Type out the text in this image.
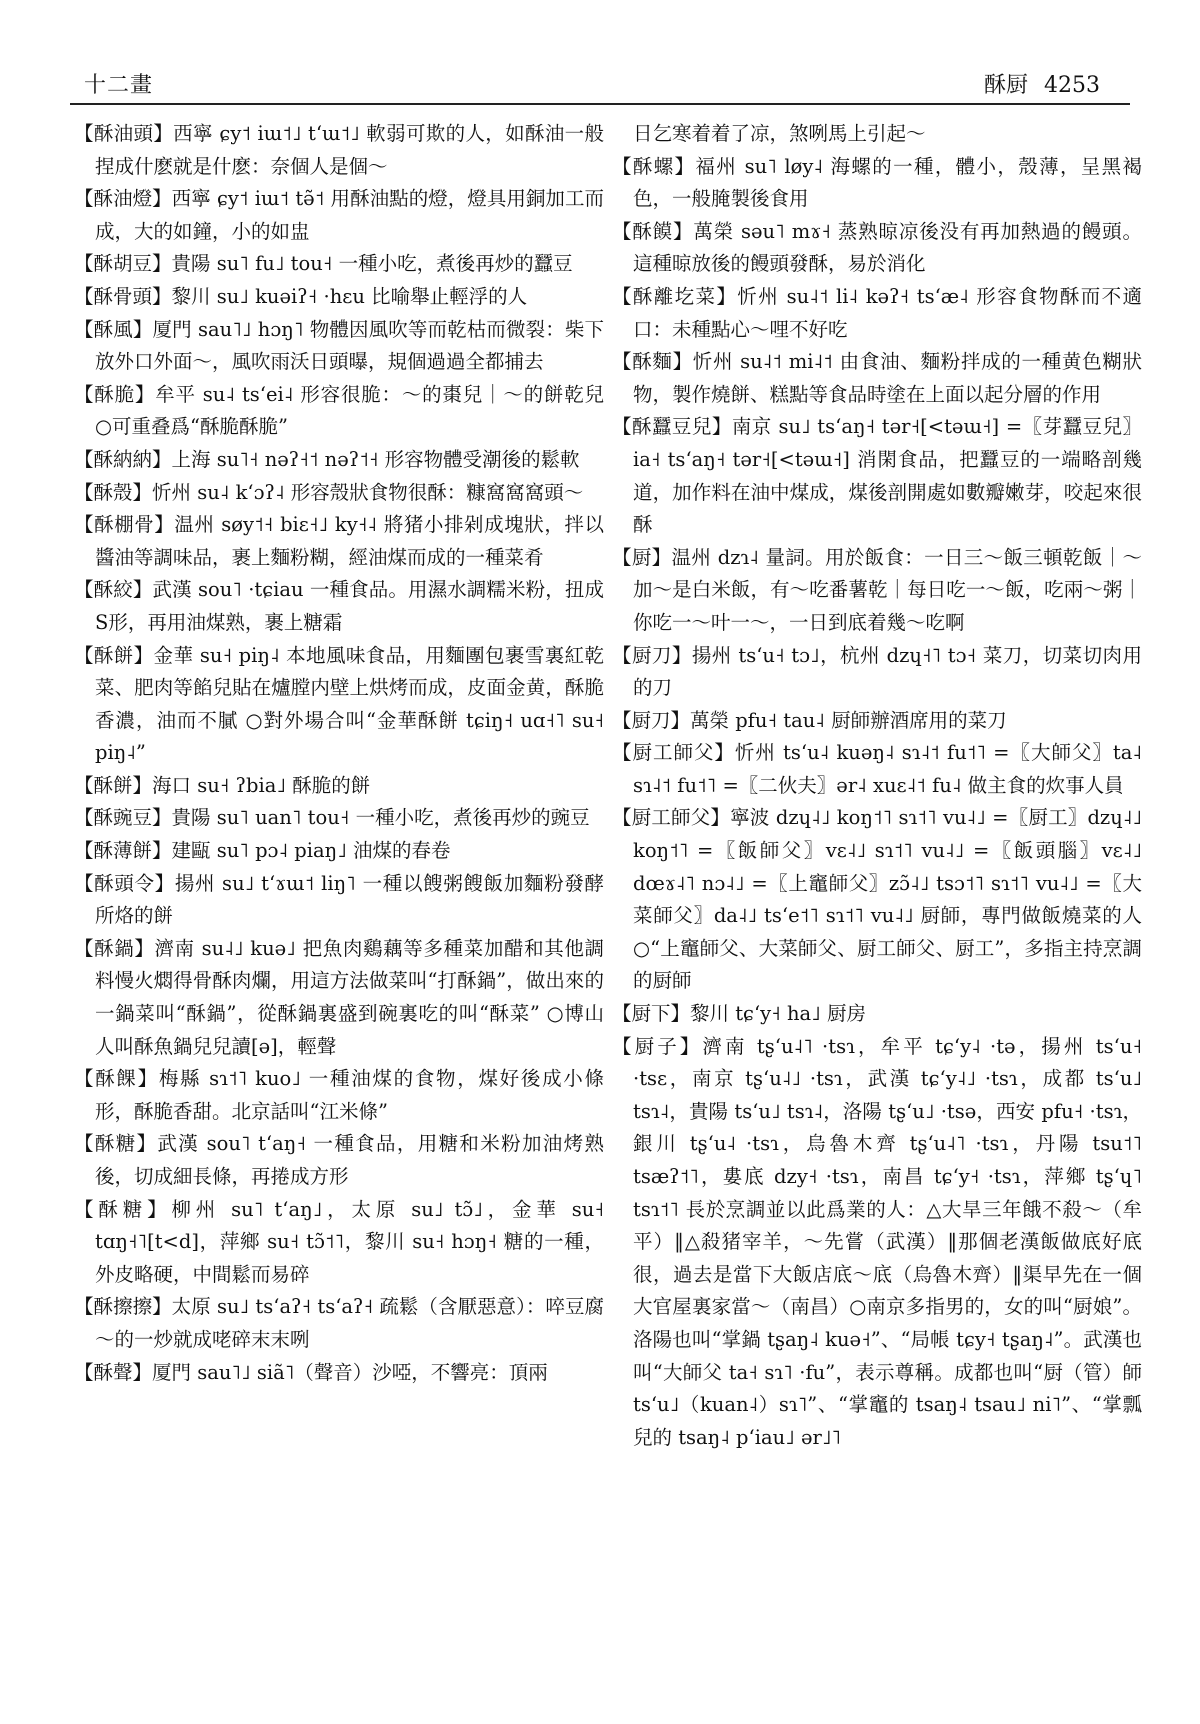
十二畫	酥厨 4253

【酥油頭】西寧 ɕy˦ iɯ˦˩ tʻɯ˦˩ 軟弱可欺的人，如酥油一般捏成什麽就是什麽：奈個人是個～

【酥油燈】西寧 ɕy˦ iɯ˦ tə̃˦ 用酥油點的燈，燈具用銅加工而成，大的如鐘，小的如盅

【酥胡豆】貴陽 su˥ fu˩ tou˧ 一種小吃，煮後再炒的蠶豆

【酥骨頭】黎川 su˩ kuəiʔ˧ ·hɛu 比喻舉止輕浮的人

【酥風】厦門 sau˥˩ hɔŋ˥ 物體因風吹等而乾枯而微裂：柴下放外口外面～，風吹雨沃日頭曝，規個過過全都捕去

【酥脆】牟平 su˨ tsʻei˨ 形容很脆：～的棗兒｜～的餅乾兒 ○可重叠爲“酥脆酥脆”

【酥納納】上海 su˥˧ nəʔ˧˦ nəʔ˦˧ 形容物體受潮後的鬆軟

【酥殼】忻州 su˨ kʻɔʔ˨ 形容殼狀食物很酥：糠窩窩窩頭～

【酥棚骨】温州 søy˦˧ biɛ˧˩ ky˧˨ 將猪小排剁成塊狀，拌以醬油等調味品，裹上麵粉糊，經油煤而成的一種菜肴

【酥絞】武漢 sou˥ ·tɕiau 一種食品。用濕水調糯米粉，扭成S形，再用油煤熟，裹上糖霜

【酥餅】金華 su˧ piŋ˨ 本地風味食品，用麵團包裹雪裏紅乾菜、肥肉等餡兒貼在爐膛内壁上烘烤而成，皮面金黄，酥脆香濃，油而不膩 ○對外場合叫“金華酥餅 tɕiŋ˧ uɑ˧˥ su˧ piŋ˨”

【酥餅】海口 su˧ ʔbia˩ 酥脆的餅

【酥豌豆】貴陽 su˥ uan˥ tou˧ 一種小吃，煮後再炒的豌豆

【酥薄餅】建甌 su˥ pɔ˨ piaŋ˩ 油煤的春卷

【酥頭令】揚州 su˩ tʻɤɯ˦ liŋ˥ 一種以餿粥餿飯加麵粉發酵所烙的餅

【酥鍋】濟南 su˨˩ kuə˩ 把魚肉鷄藕等多種菜加醋和其他調料慢火燜得骨酥肉爛，用這方法做菜叫“打酥鍋”，做出來的一鍋菜叫“酥鍋”，從酥鍋裏盛到碗裏吃的叫“酥菜” ○博山人叫酥魚鍋兒兒讀[ə]，輕聲

【酥餜】梅縣 sɿ˦˥ kuo˩ 一種油煤的食物，煤好後成小條形，酥脆香甜。北京話叫“江米條”

【酥糖】武漢 sou˥ tʻaŋ˧ 一種食品，用糖和米粉加油烤熟後，切成細長條，再捲成方形

【酥糖】柳州 su˥ tʻaŋ˩，太原 su˩ tɔ̃˩，金華 su˧ tɑŋ˧˥[t<d]，萍鄉 su˧ tɔ̃˦˥，黎川 su˧ hɔŋ˧ 糖的一種，外皮略硬，中間鬆而易碎

【酥擦擦】太原 su˩ tsʻaʔ˧ tsʻaʔ˧ 疏鬆（含厭惡意）：啐豆腐～的一炒就成咾碎末末咧

【酥聲】厦門 sau˥˩ siã˥（聲音）沙啞，不響亮：頂兩

日乞寒着着了凉，煞咧馬上引起～

【酥螺】福州 su˥ løy˨ 海螺的一種，體小，殼薄，呈黑褐色，一般腌製後食用

【酥饃】萬榮 səu˥ mɤ˧ 蒸熟晾凉後没有再加熱過的饅頭。這種晾放後的饅頭發酥，易於消化

【酥離圪菜】忻州 su˨˦ li˨ kəʔ˧ tsʻæ˨ 形容食物酥而不適口：未種點心～哩不好吃

【酥麵】忻州 su˨˦ mi˨˦ 由食油、麵粉拌成的一種黄色糊狀物，製作燒餅、糕點等食品時塗在上面以起分層的作用

【酥蠶豆兒】南京 su˩ tsʻaŋ˧ tər˧[<təɯ˧] =〖芽蠶豆兒〗ia˧ tsʻaŋ˧ tər˧[<təɯ˧] 消閑食品，把蠶豆的一端略剖幾道，加作料在油中煤成，煤後剖開處如數瓣嫩芽，咬起來很酥

【厨】温州 dzɿ˨ 量詞。用於飯食：一日三～飯三頓乾飯｜～加～是白米飯，有～吃番薯乾｜每日吃一～飯，吃兩～粥｜你吃一～叶一～，一日到底着幾～吃啊

【厨刀】揚州 tsʻu˧ tɔ˩，杭州 dzɥ˧˥ tɔ˧ 菜刀，切菜切肉用的刀

【厨刀】萬榮 pfu˧ tau˨ 厨師辦酒席用的菜刀

【厨工師父】忻州 tsʻu˨ kuəŋ˨ sɿ˨˦ fu˦˥ =〖大師父〗ta˨ sɿ˨˦ fu˦˥ =〖二伙夫〗ər˨ xuɛ˨˦ fu˨ 做主食的炊事人員

【厨工師父】寧波 dzɥ˨˩ koŋ˦˥ sɿ˦˥ vu˨˩ =〖厨工〗dzɥ˨˩ koŋ˦˥ =〖飯師父〗vɛ˨˩ sɿ˦˥ vu˨˩ =〖飯頭腦〗vɛ˨˩ dœɤ˨˥ nɔ˨˩ =〖上竈師父〗zɔ̃˨˩ tsɔ˦˥ sɿ˦˥ vu˨˩ =〖大菜師父〗da˨˩ tsʻe˦˥ sɿ˦˥ vu˨˩ 厨師，專門做飯燒菜的人 ○“上竈師父、大菜師父、厨工師父、厨工”，多指主持烹調的厨師

【厨下】黎川 tɕʻy˧ ha˩ 厨房

【厨子】濟南 tʂʻu˨˥ ·tsɿ，牟平 tɕʻy˨ ·tə，揚州 tsʻu˧ ·tsɛ，南京 tʂʻu˨˩ ·tsɿ，武漢 tɕʻy˨˩ ·tsɿ，成都 tsʻu˩ tsɿ˨，貴陽 tsʻu˩ tsɿ˨，洛陽 tʂʻu˩ ·tsə，西安 pfu˧ ·tsɿ，銀川 tʂʻu˨ ·tsɿ，烏魯木齊 tʂʻu˨˥ ·tsɿ，丹陽 tsu˦˥ tsæʔ˦˥，婁底 dzy˧ ·tsɿ，南昌 tɕʻy˧ ·tsɿ，萍鄉 tʂʻɥ˥ tsɿ˦˥ 長於烹調並以此爲業的人：△大旱三年餓不殺～（牟平）‖△殺猪宰羊，～先嘗（武漢）‖那個老漢飯做底好底很，過去是當下大飯店底～底（烏魯木齊）‖渠早先在一個大官屋裏家當～（南昌）○南京多指男的，女的叫“厨娘”。洛陽也叫“掌鍋 tʂaŋ˨ kuə˧”、“局帳 tɕy˧ tʂaŋ˨”。武漢也叫“大師父 ta˧ sɿ˥ ·fu”，表示尊稱。成都也叫“厨（管）師 tsʻu˩（kuan˨）sɿ˥”、“掌竈的 tsaŋ˨ tsau˩ ni˥”、“掌瓢兒的 tsaŋ˨ pʻiau˩ ər˩˥
